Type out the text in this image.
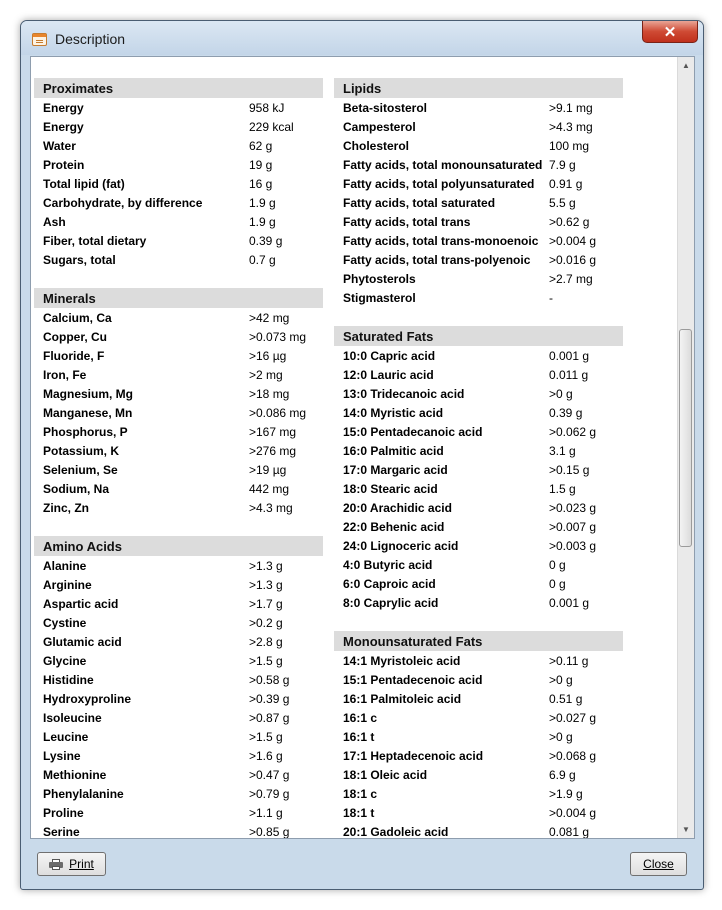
Description	✕
Proximates
Energy	958 kJ
Energy	229 kcal
Water	62 g
Protein	19 g
Total lipid (fat)	16 g
Carbohydrate, by difference	1.9 g
Ash	1.9 g
Fiber, total dietary	0.39 g
Sugars, total	0.7 g
Minerals
Calcium, Ca	>42 mg
Copper, Cu	>0.073 mg
Fluoride, F	>16 µg
Iron, Fe	>2 mg
Magnesium, Mg	>18 mg
Manganese, Mn	>0.086 mg
Phosphorus, P	>167 mg
Potassium, K	>276 mg
Selenium, Se	>19 µg
Sodium, Na	442 mg
Zinc, Zn	>4.3 mg
Amino Acids
Alanine	>1.3 g
Arginine	>1.3 g
Aspartic acid	>1.7 g
Cystine	>0.2 g
Glutamic acid	>2.8 g
Glycine	>1.5 g
Histidine	>0.58 g
Hydroxyproline	>0.39 g
Isoleucine	>0.87 g
Leucine	>1.5 g
Lysine	>1.6 g
Methionine	>0.47 g
Phenylalanine	>0.79 g
Proline	>1.1 g
Serine	>0.85 g
Lipids
Beta-sitosterol	>9.1 mg
Campesterol	>4.3 mg
Cholesterol	100 mg
Fatty acids, total monounsaturated 7.9 g
Fatty acids, total polyunsaturated	0.91 g
Fatty acids, total saturated	5.5 g
Fatty acids, total trans	>0.62 g
Fatty acids, total trans-monoenoic >0.004 g
Fatty acids, total trans-polyenoic	>0.016 g
Phytosterols	>2.7 mg
Stigmasterol	-
Saturated Fats
10:0 Capric acid	0.001 g
12:0 Lauric acid	0.011 g
13:0 Tridecanoic acid	>0 g
14:0 Myristic acid	0.39 g
15:0 Pentadecanoic acid	>0.062 g
16:0 Palmitic acid	3.1 g
17:0 Margaric acid	>0.15 g
18:0 Stearic acid	1.5 g
20:0 Arachidic acid	>0.023 g
22:0 Behenic acid	>0.007 g
24:0 Lignoceric acid	>0.003 g
4:0 Butyric acid	0 g
6:0 Caproic acid	0 g
8:0 Caprylic acid	0.001 g
Monounsaturated Fats
14:1 Myristoleic acid	>0.11 g
15:1 Pentadecenoic acid	>0 g
16:1 Palmitoleic acid	0.51 g
16:1 c	>0.027 g
16:1 t	>0 g
17:1 Heptadecenoic acid	>0.068 g
18:1 Oleic acid	6.9 g
18:1 c	>1.9 g
18:1 t	>0.004 g
20:1 Gadoleic acid	0.081 g
▲
▼
Print	Close
